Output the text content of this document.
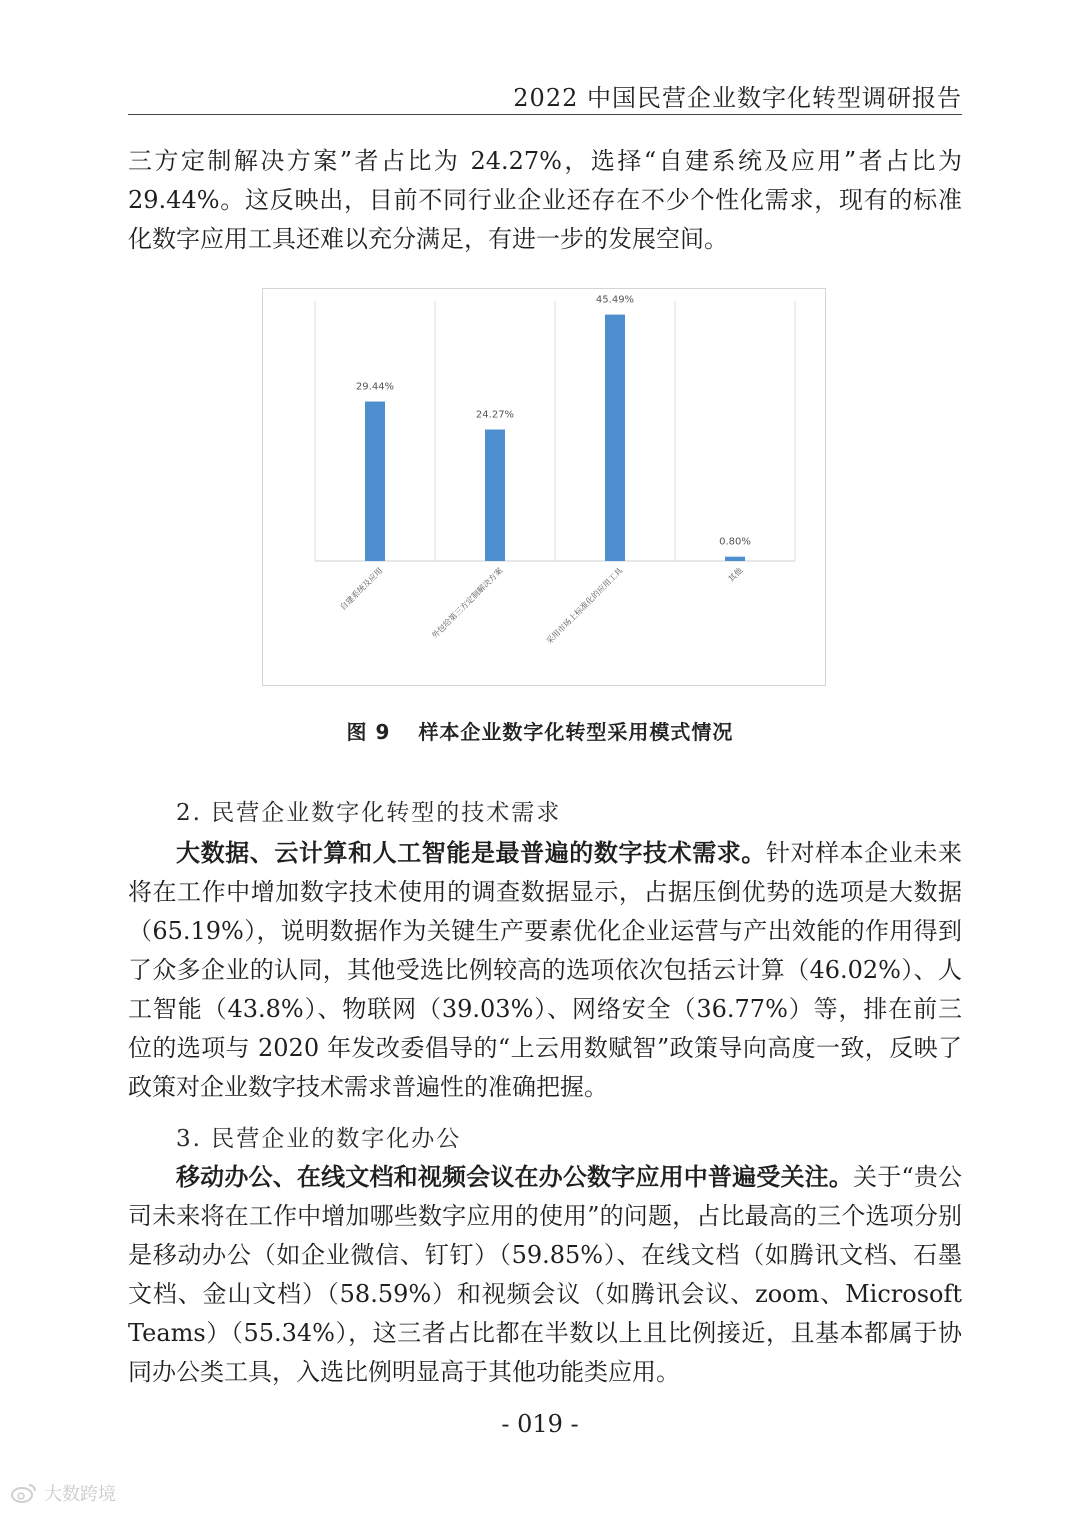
2022 中国民营企业数字化转型调研报告

三方定制解决方案”者占比为 24.27%，选择“自建系统及应用”者占比为 29.44%。这反映出，目前不同行业企业还存在不少个性化需求，现有的标准化数字应用工具还难以充分满足，有进一步的发展空间。

29.44%
自建系统及应用
24.27%
外包给第三方定制解决方案
45.49%
采用市场上标准化的应用工具
0.80%
其他
图 9 样本企业数字化转型采用模式情况
2. 民营企业数字化转型的技术需求

大数据、云计算和人工智能是最普遍的数字技术需求。针对样本企业未来将在工作中增加数字技术使用的调查数据显示，占据压倒优势的选项是大数据（65.19%），说明数据作为关键生产要素优化企业运营与产出效能的作用得到了众多企业的认同，其他受选比例较高的选项依次包括云计算（46.02%）、人工智能（43.8%）、物联网（39.03%）、网络安全（36.77%）等，排在前三位的选项与 2020 年发改委倡导的“上云用数赋智”政策导向高度一致，反映了政策对企业数字技术需求普遍性的准确把握。

3. 民营企业的数字化办公

移动办公、在线文档和视频会议在办公数字应用中普遍受关注。关于“贵公司未来将在工作中增加哪些数字应用的使用”的问题，占比最高的三个选项分别是移动办公（如企业微信、钉钉）（59.85%）、在线文档（如腾讯文档、石墨文档、金山文档）（58.59%）和视频会议（如腾讯会议、zoom、Microsoft Teams）（55.34%），这三者占比都在半数以上且比例接近，且基本都属于协同办公类工具，入选比例明显高于其他功能类应用。

- 019 -
大数跨境
